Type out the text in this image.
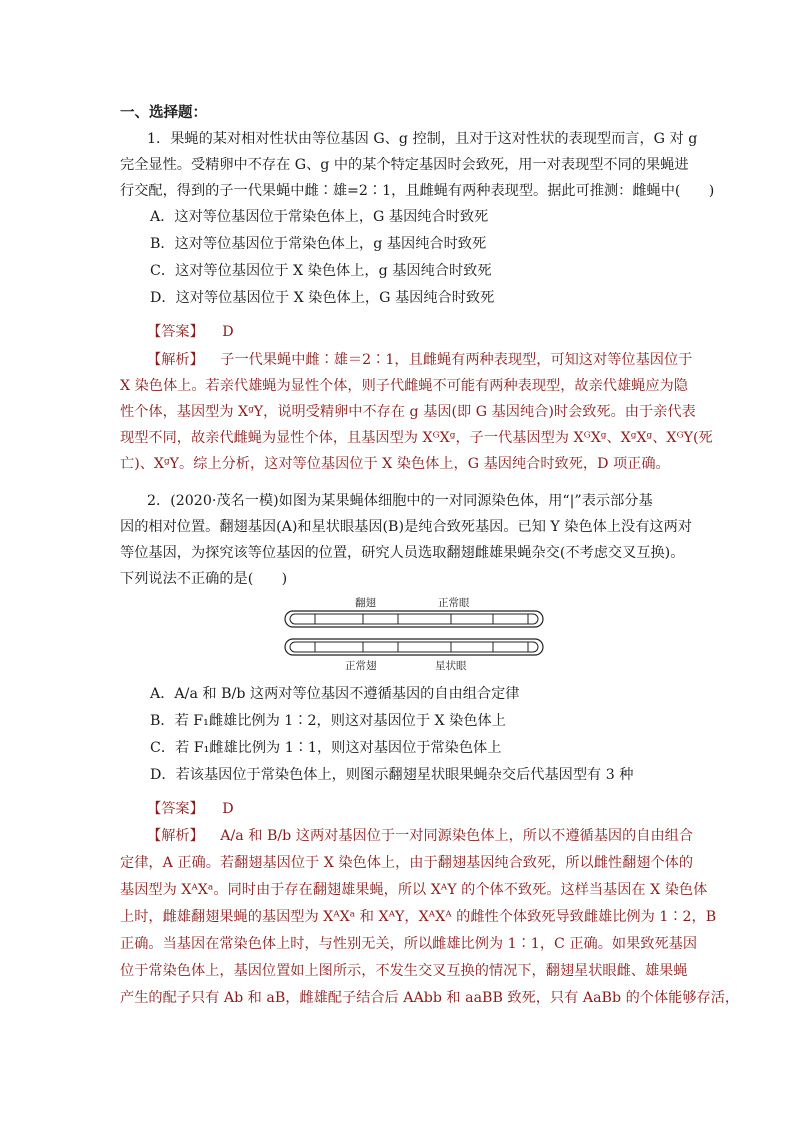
一、选择题：
1．果蝇的某对相对性状由等位基因 G、g 控制，且对于这对性状的表现型而言，G 对 g
完全显性。受精卵中不存在 G、g 中的某个特定基因时会致死，用一对表现型不同的果蝇进
行交配，得到的子一代果蝇中雌∶雄=2∶1，且雌蝇有两种表现型。据此可推测：雌蝇中(　　)
A．这对等位基因位于常染色体上，G 基因纯合时致死
B．这对等位基因位于常染色体上，g 基因纯合时致死
C．这对等位基因位于 X 染色体上，g 基因纯合时致死
D．这对等位基因位于 X 染色体上，G 基因纯合时致死
【答案】 D
【解析】 子一代果蝇中雌∶雄＝2∶1，且雌蝇有两种表现型，可知这对等位基因位于
X 染色体上。若亲代雄蝇为显性个体，则子代雌蝇不可能有两种表现型，故亲代雄蝇应为隐
性个体，基因型为 XᵍY，说明受精卵中不存在 g 基因(即 G 基因纯合)时会致死。由于亲代表
现型不同，故亲代雌蝇为显性个体，且基因型为 XᴳXᵍ，子一代基因型为 XᴳXᵍ、XᵍXᵍ、XᴳY(死
亡)、XᵍY。综上分析，这对等位基因位于 X 染色体上，G 基因纯合时致死，D 项正确。
2．(2020·茂名一模)如图为某果蝇体细胞中的一对同源染色体，用“|”表示部分基
因的相对位置。翻翅基因(A)和星状眼基因(B)是纯合致死基因。已知 Y 染色体上没有这两对
等位基因，为探究该等位基因的位置，研究人员选取翻翅雌雄果蝇杂交(不考虑交叉互换)。
下列说法不正确的是(　　)
翻翅	正常眼
正常翅	星状眼
A．A/a 和 B/b 这两对等位基因不遵循基因的自由组合定律
B．若 F₁雌雄比例为 1∶2，则这对基因位于 X 染色体上
C．若 F₁雌雄比例为 1∶1，则这对基因位于常染色体上
D．若该基因位于常染色体上，则图示翻翅星状眼果蝇杂交后代基因型有 3 种
【答案】 D
【解析】 A/a 和 B/b 这两对基因位于一对同源染色体上，所以不遵循基因的自由组合
定律，A 正确。若翻翅基因位于 X 染色体上，由于翻翅基因纯合致死，所以雌性翻翅个体的
基因型为 XᴬXᵃ。同时由于存在翻翅雄果蝇，所以 XᴬY 的个体不致死。这样当基因在 X 染色体
上时，雌雄翻翅果蝇的基因型为 XᴬXᵃ 和 XᴬY，XᴬXᴬ 的雌性个体致死导致雌雄比例为 1∶2，B
正确。当基因在常染色体上时，与性别无关，所以雌雄比例为 1∶1，C 正确。如果致死基因
位于常染色体上，基因位置如上图所示，不发生交叉互换的情况下，翻翅星状眼雌、雄果蝇
产生的配子只有 Ab 和 aB，雌雄配子结合后 AAbb 和 aaBB 致死，只有 AaBb 的个体能够存活，
